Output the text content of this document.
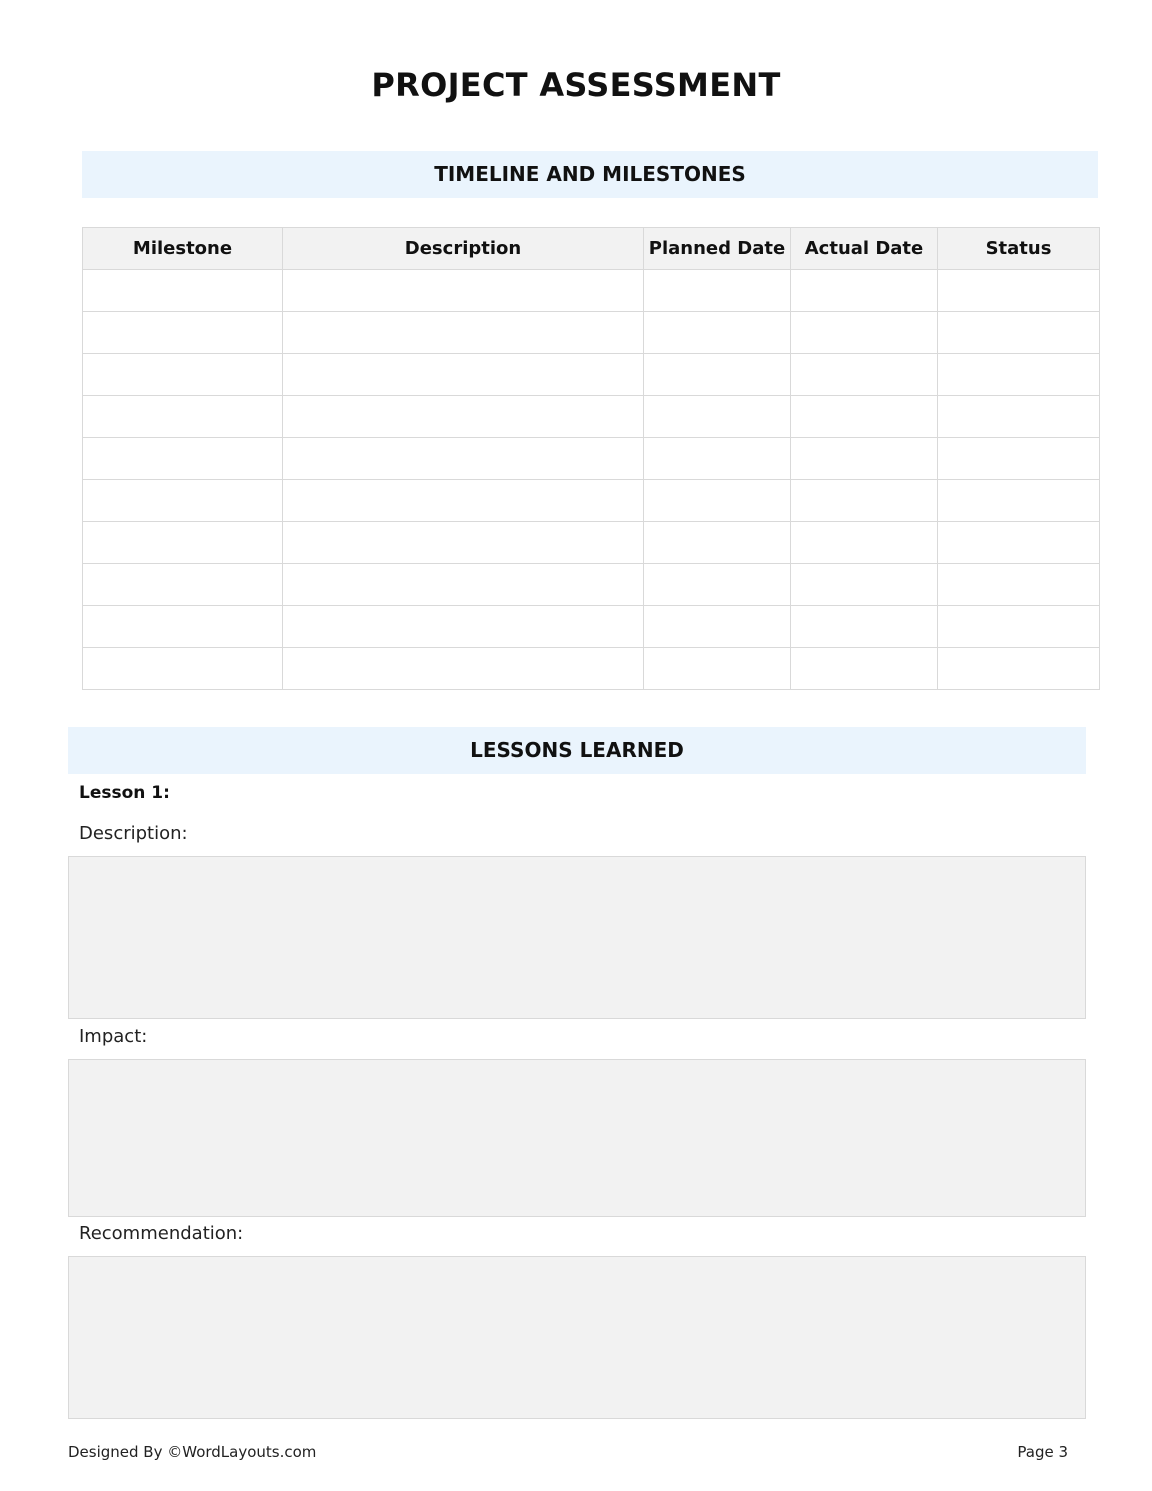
PROJECT ASSESSMENT
TIMELINE AND MILESTONES
Milestone	Description	Planned Date	Actual Date	Status

LESSONS LEARNED
Lesson 1:
Description:
Impact:
Recommendation:
Designed By ©WordLayouts.com	Page 3
